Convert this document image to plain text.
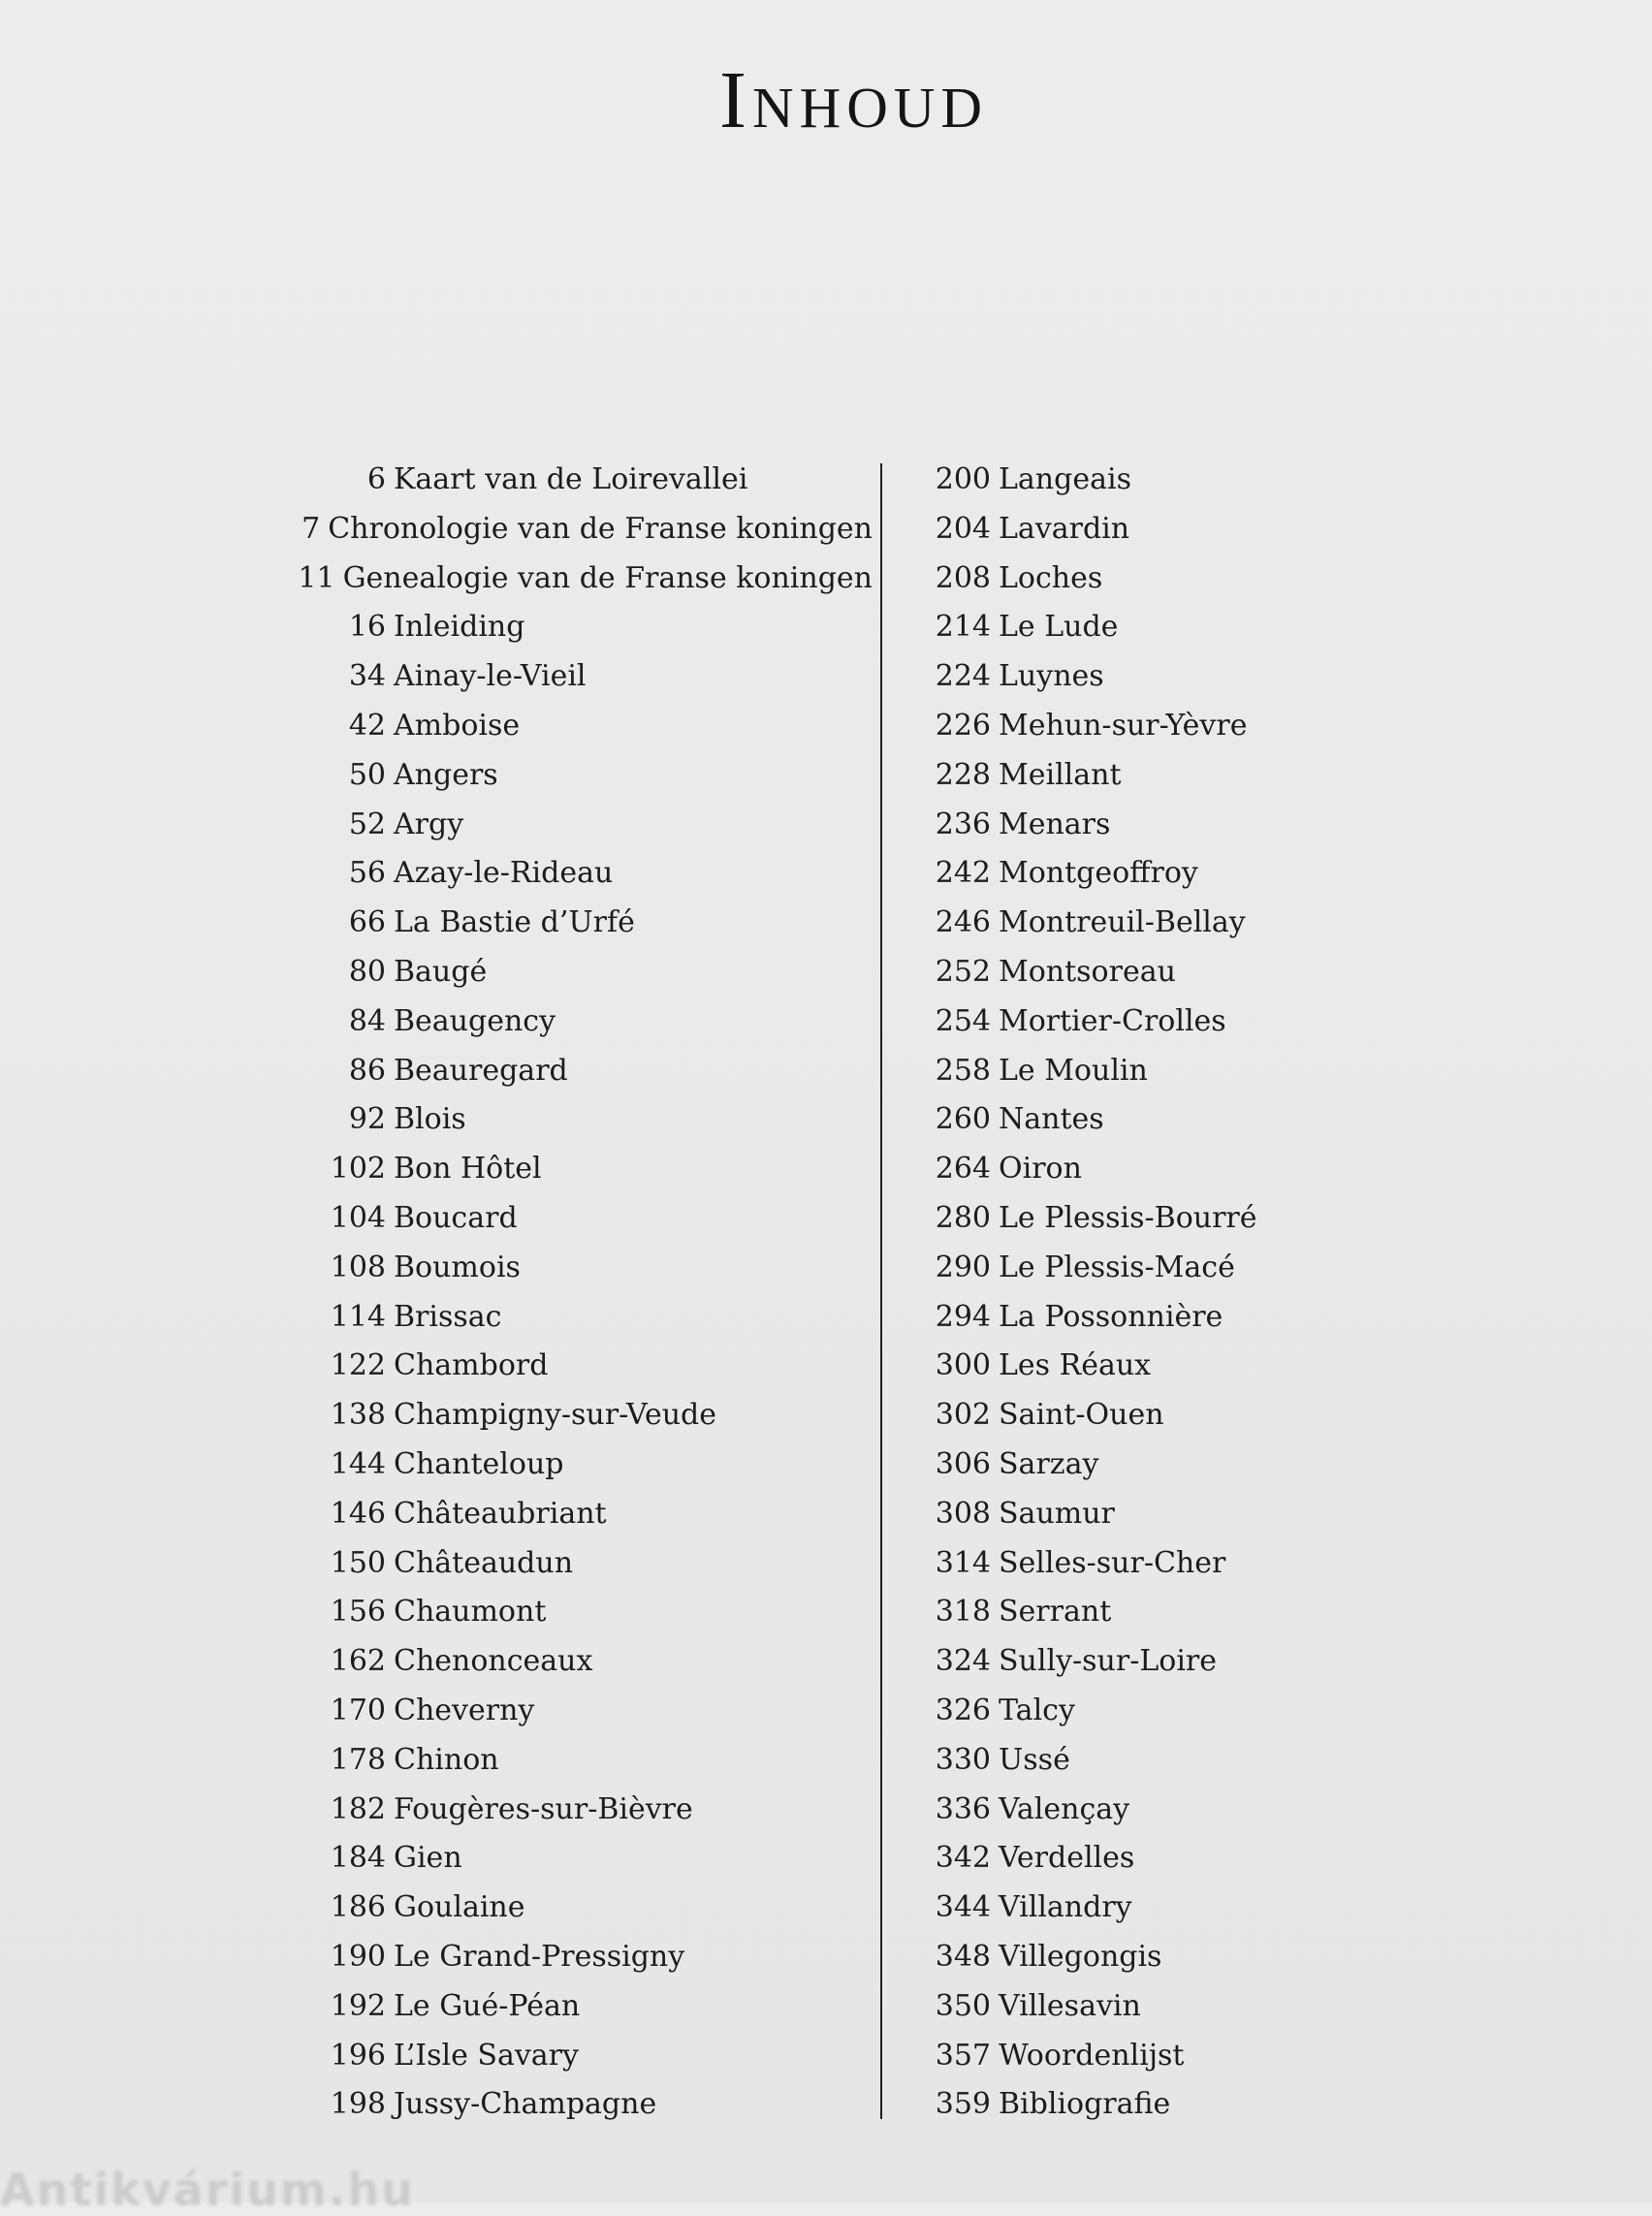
Inhoud
6 Kaart van de Loirevallei
7 Chronologie van de Franse koningen
11 Genealogie van de Franse koningen
16 Inleiding
34 Ainay-le-Vieil
42 Amboise
50 Angers
52 Argy
56 Azay-le-Rideau
66 La Bastie d’Urfé
80 Baugé
84 Beaugency
86 Beauregard
92 Blois
102 Bon Hôtel
104 Boucard
108 Boumois
114 Brissac
122 Chambord
138 Champigny-sur-Veude
144 Chanteloup
146 Châteaubriant
150 Châteaudun
156 Chaumont
162 Chenonceaux
170 Cheverny
178 Chinon
182 Fougères-sur-Bièvre
184 Gien
186 Goulaine
190 Le Grand-Pressigny
192 Le Gué-Péan
196 L’Isle Savary
198 Jussy-Champagne
200 Langeais
204 Lavardin
208 Loches
214 Le Lude
224 Luynes
226 Mehun-sur-Yèvre
228 Meillant
236 Menars
242 Montgeoffroy
246 Montreuil-Bellay
252 Montsoreau
254 Mortier-Crolles
258 Le Moulin
260 Nantes
264 Oiron
280 Le Plessis-Bourré
290 Le Plessis-Macé
294 La Possonnière
300 Les Réaux
302 Saint-Ouen
306 Sarzay
308 Saumur
314 Selles-sur-Cher
318 Serrant
324 Sully-sur-Loire
326 Talcy
330 Ussé
336 Valençay
342 Verdelles
344 Villandry
348 Villegongis
350 Villesavin
357 Woordenlijst
359 Bibliografie
Antikvárium.hu
